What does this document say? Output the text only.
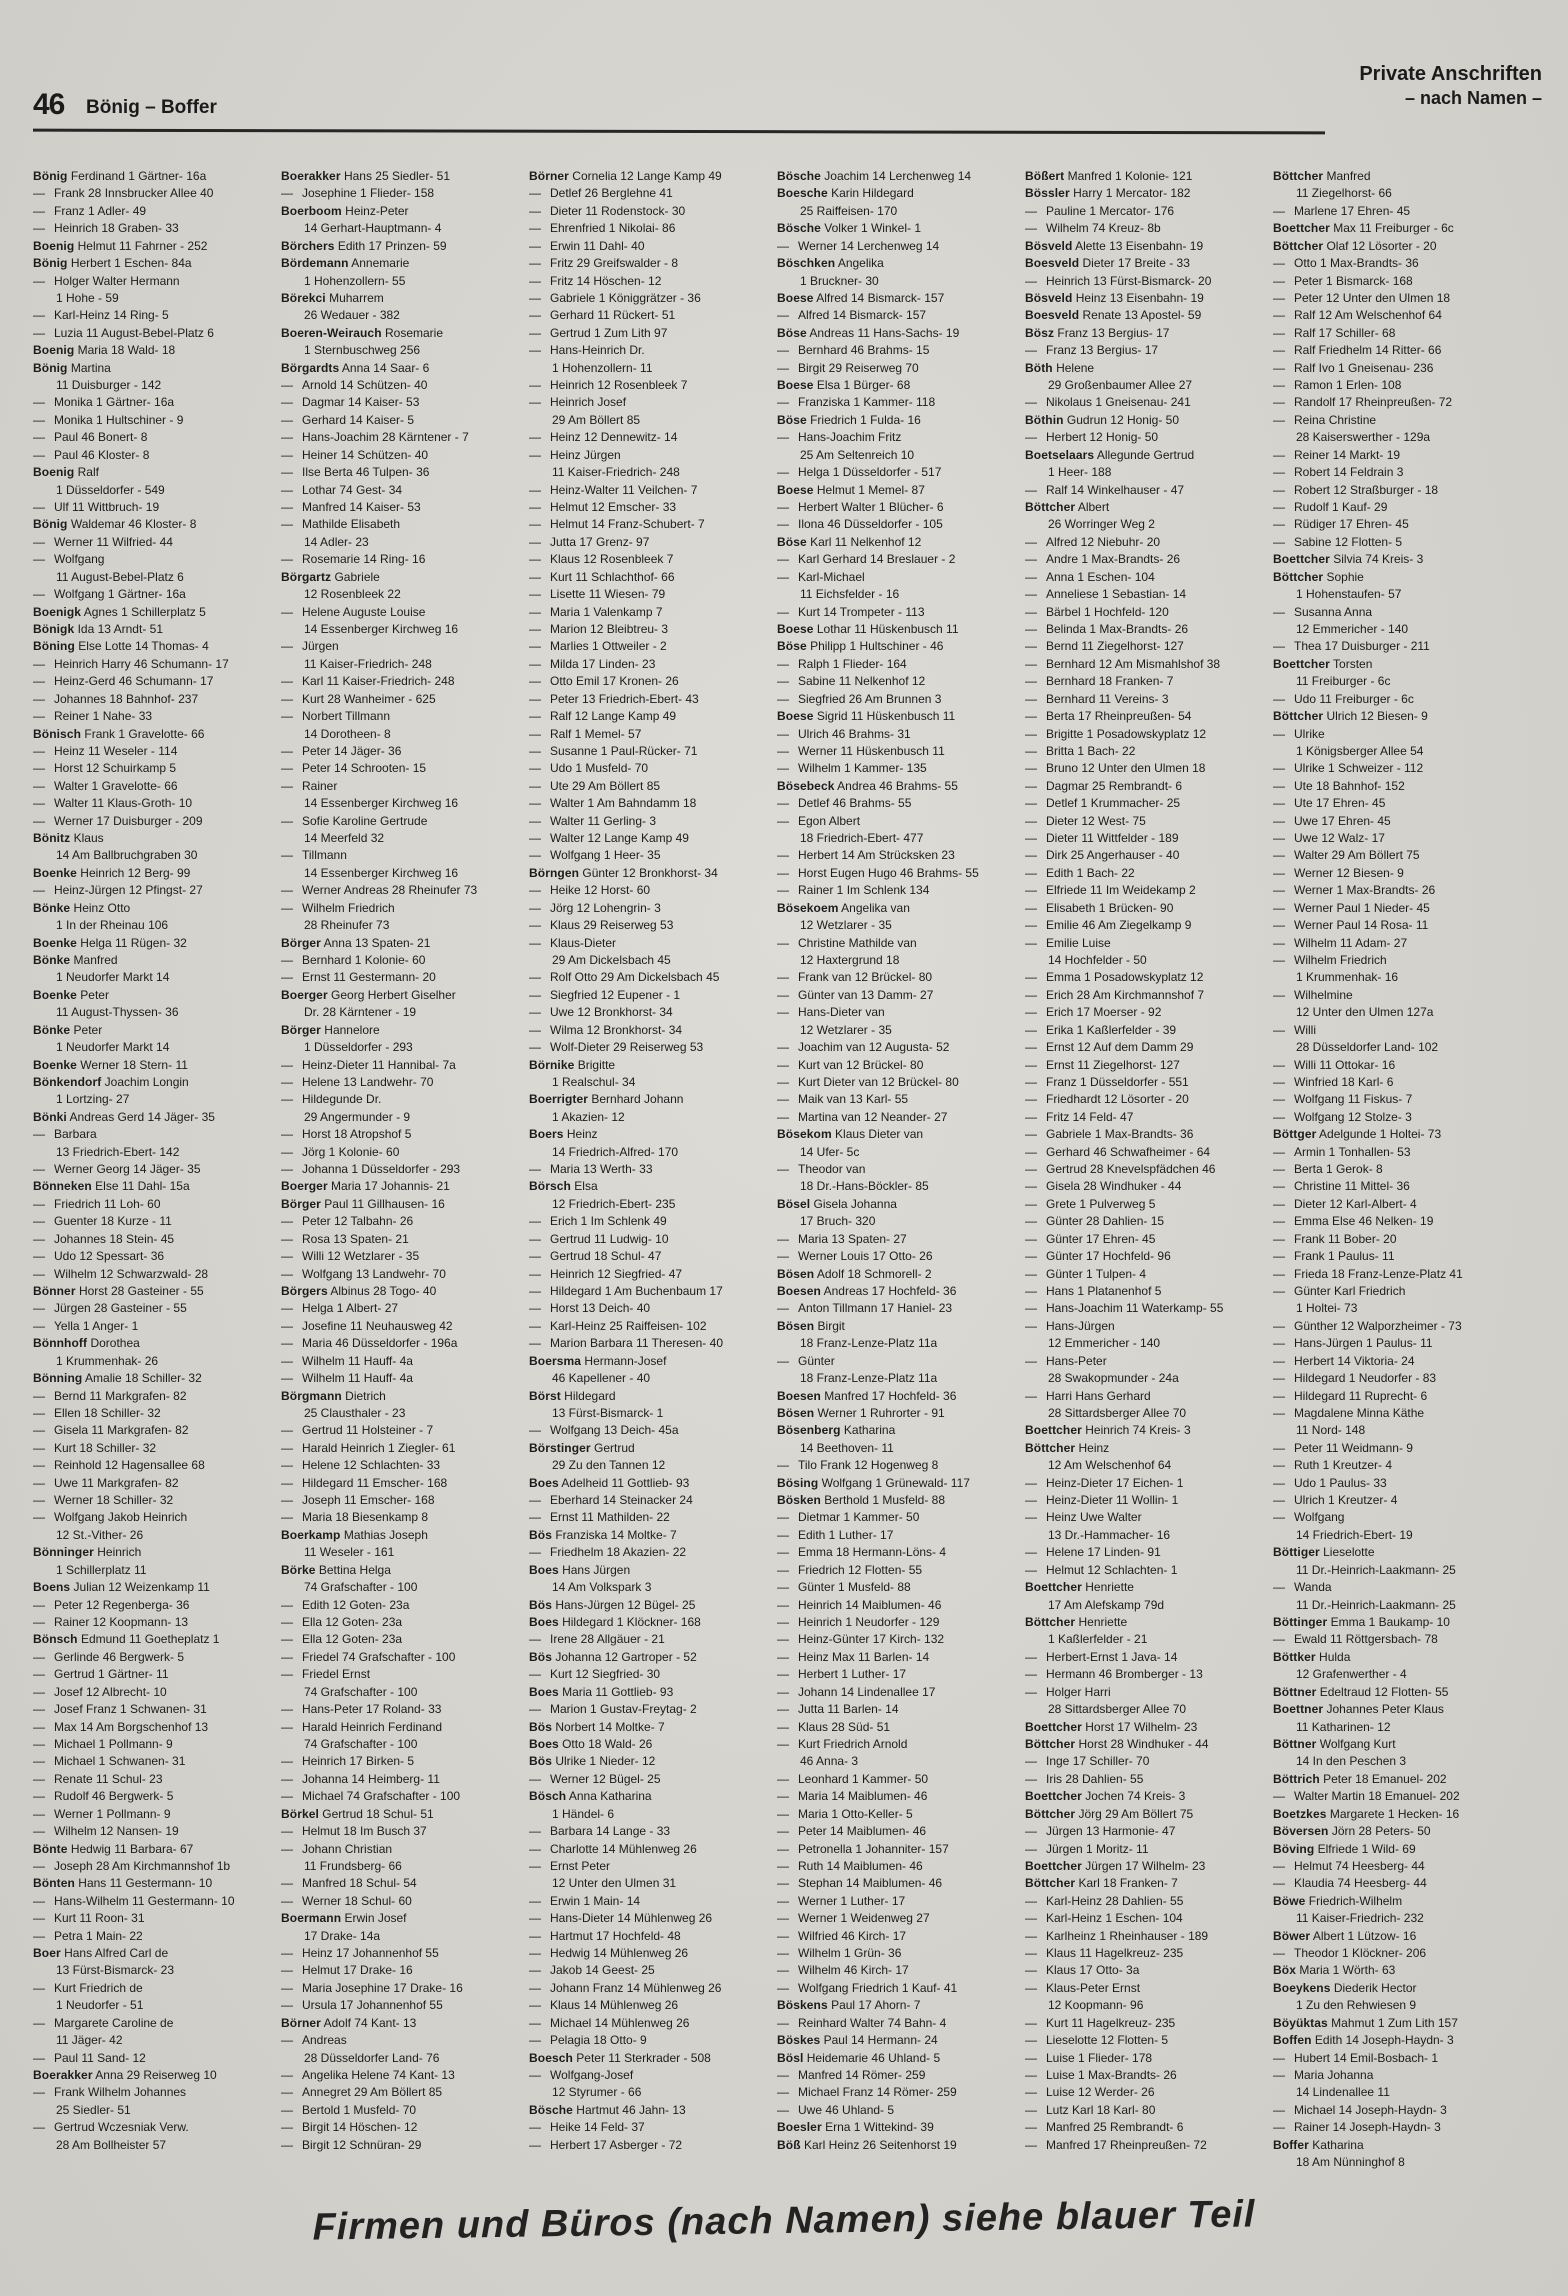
46 Bönig – Boffer
Private Anschriften
– nach Namen –
Bönig Ferdinand 1 Gärtner- 16a
— Frank 28 Innsbrucker Allee 40
— Franz 1 Adler- 49
— Heinrich 18 Graben- 33
Boenig Helmut 11 Fahrner - 252
Bönig Herbert 1 Eschen- 84a
— Holger Walter Hermann
1 Hohe - 59
— Karl-Heinz 14 Ring- 5
— Luzia 11 August-Bebel-Platz 6
Boenig Maria 18 Wald- 18
Bönig Martina
11 Duisburger - 142
— Monika 1 Gärtner- 16a
— Monika 1 Hultschiner - 9
— Paul 46 Bonert- 8
— Paul 46 Kloster- 8
Boenig Ralf
1 Düsseldorfer - 549
— Ulf 11 Wittbruch- 19
Bönig Waldemar 46 Kloster- 8
— Werner 11 Wilfried- 44
— Wolfgang
11 August-Bebel-Platz 6
— Wolfgang 1 Gärtner- 16a
Boenigk Agnes 1 Schillerplatz 5
Bönigk Ida 13 Arndt- 51
Böning Else Lotte 14 Thomas- 4
— Heinrich Harry 46 Schumann- 17
— Heinz-Gerd 46 Schumann- 17
— Johannes 18 Bahnhof- 237
— Reiner 1 Nahe- 33
Bönisch Frank 1 Gravelotte- 66
— Heinz 11 Weseler - 114
— Horst 12 Schuirkamp 5
— Walter 1 Gravelotte- 66
— Walter 11 Klaus-Groth- 10
— Werner 17 Duisburger - 209
Bönitz Klaus
14 Am Ballbruchgraben 30
Boenke Heinrich 12 Berg- 99
— Heinz-Jürgen 12 Pfingst- 27
Bönke Heinz Otto
1 In der Rheinau 106
Boenke Helga 11 Rügen- 32
Bönke Manfred
1 Neudorfer Markt 14
Boenke Peter
11 August-Thyssen- 36
Bönke Peter
1 Neudorfer Markt 14
Boenke Werner 18 Stern- 11
Bönkendorf Joachim Longin
1 Lortzing- 27
Bönki Andreas Gerd 14 Jäger- 35
— Barbara
13 Friedrich-Ebert- 142
— Werner Georg 14 Jäger- 35
Bönneken Else 11 Dahl- 15a
— Friedrich 11 Loh- 60
— Guenter 18 Kurze - 11
— Johannes 18 Stein- 45
— Udo 12 Spessart- 36
— Wilhelm 12 Schwarzwald- 28
Bönner Horst 28 Gasteiner - 55
— Jürgen 28 Gasteiner - 55
— Yella 1 Anger- 1
Bönnhoff Dorothea
1 Krummenhak- 26
Bönning Amalie 18 Schiller- 32
— Bernd 11 Markgrafen- 82
— Ellen 18 Schiller- 32
— Gisela 11 Markgrafen- 82
— Kurt 18 Schiller- 32
— Reinhold 12 Hagensallee 68
— Uwe 11 Markgrafen- 82
— Werner 18 Schiller- 32
— Wolfgang Jakob Heinrich
12 St.-Vither- 26
Bönninger Heinrich
1 Schillerplatz 11
Boens Julian 12 Weizenkamp 11
— Peter 12 Regenberga- 36
— Rainer 12 Koopmann- 13
Bönsch Edmund 11 Goetheplatz 1
— Gerlinde 46 Bergwerk- 5
— Gertrud 1 Gärtner- 11
— Josef 12 Albrecht- 10
— Josef Franz 1 Schwanen- 31
— Max 14 Am Borgschenhof 13
— Michael 1 Pollmann- 9
— Michael 1 Schwanen- 31
— Renate 11 Schul- 23
— Rudolf 46 Bergwerk- 5
— Werner 1 Pollmann- 9
— Wilhelm 12 Nansen- 19
Bönte Hedwig 11 Barbara- 67
— Joseph 28 Am Kirchmannshof 1b
Bönten Hans 11 Gestermann- 10
— Hans-Wilhelm 11 Gestermann- 10
— Kurt 11 Roon- 31
— Petra 1 Main- 22
Boer Hans Alfred Carl de
13 Fürst-Bismarck- 23
— Kurt Friedrich de
1 Neudorfer - 51
— Margarete Caroline de
11 Jäger- 42
— Paul 11 Sand- 12
Boerakker Anna 29 Reiserweg 10
— Frank Wilhelm Johannes
25 Siedler- 51
— Gertrud Wczesniak Verw.
28 Am Bollheister 57
Boerakker Hans 25 Siedler- 51
— Josephine 1 Flieder- 158
Boerboom Heinz-Peter
14 Gerhart-Hauptmann- 4
Börchers Edith 17 Prinzen- 59
Bördemann Annemarie
1 Hohenzollern- 55
Börekci Muharrem
26 Wedauer - 382
Boeren-Weirauch Rosemarie
1 Sternbuschweg 256
Börgardts Anna 14 Saar- 6
— Arnold 14 Schützen- 40
— Dagmar 14 Kaiser- 53
— Gerhard 14 Kaiser- 5
— Hans-Joachim 28 Kärntener - 7
— Heiner 14 Schützen- 40
— Ilse Berta 46 Tulpen- 36
— Lothar 74 Gest- 34
— Manfred 14 Kaiser- 53
— Mathilde Elisabeth
14 Adler- 23
— Rosemarie 14 Ring- 16
Börgartz Gabriele
12 Rosenbleek 22
— Helene Auguste Louise
14 Essenberger Kirchweg 16
— Jürgen
11 Kaiser-Friedrich- 248
— Karl 11 Kaiser-Friedrich- 248
— Kurt 28 Wanheimer - 625
— Norbert Tillmann
14 Dorotheen- 8
— Peter 14 Jäger- 36
— Peter 14 Schrooten- 15
— Rainer
14 Essenberger Kirchweg 16
— Sofie Karoline Gertrude
14 Meerfeld 32
— Tillmann
14 Essenberger Kirchweg 16
— Werner Andreas 28 Rheinufer 73
— Wilhelm Friedrich
28 Rheinufer 73
Börger Anna 13 Spaten- 21
— Bernhard 1 Kolonie- 60
— Ernst 11 Gestermann- 20
Boerger Georg Herbert Giselher
Dr. 28 Kärntener - 19
Börger Hannelore
1 Düsseldorfer - 293
— Heinz-Dieter 11 Hannibal- 7a
— Helene 13 Landwehr- 70
— Hildegunde Dr.
29 Angermunder - 9
— Horst 18 Atropshof 5
— Jörg 1 Kolonie- 60
— Johanna 1 Düsseldorfer - 293
Boerger Maria 17 Johannis- 21
Börger Paul 11 Gillhausen- 16
— Peter 12 Talbahn- 26
— Rosa 13 Spaten- 21
— Willi 12 Wetzlarer - 35
— Wolfgang 13 Landwehr- 70
Börgers Albinus 28 Togo- 40
— Helga 1 Albert- 27
— Josefine 11 Neuhausweg 42
— Maria 46 Düsseldorfer - 196a
— Wilhelm 11 Hauff- 4a
— Wilhelm 11 Hauff- 4a
Börgmann Dietrich
25 Clausthaler - 23
— Gertrud 11 Holsteiner - 7
— Harald Heinrich 1 Ziegler- 61
— Helene 12 Schlachten- 33
— Hildegard 11 Emscher- 168
— Joseph 11 Emscher- 168
— Maria 18 Biesenkamp 8
Boerkamp Mathias Joseph
11 Weseler - 161
Börke Bettina Helga
74 Grafschafter - 100
— Edith 12 Goten- 23a
— Ella 12 Goten- 23a
— Ella 12 Goten- 23a
— Friedel 74 Grafschafter - 100
— Friedel Ernst
74 Grafschafter - 100
— Hans-Peter 17 Roland- 33
— Harald Heinrich Ferdinand
74 Grafschafter - 100
— Heinrich 17 Birken- 5
— Johanna 14 Heimberg- 11
— Michael 74 Grafschafter - 100
Börkel Gertrud 18 Schul- 51
— Helmut 18 Im Busch 37
— Johann Christian
11 Frundsberg- 66
— Manfred 18 Schul- 54
— Werner 18 Schul- 60
Boermann Erwin Josef
17 Drake- 14a
— Heinz 17 Johannenhof 55
— Helmut 17 Drake- 16
— Maria Josephine 17 Drake- 16
— Ursula 17 Johannenhof 55
Börner Adolf 74 Kant- 13
— Andreas
28 Düsseldorfer Land- 76
— Angelika Helene 74 Kant- 13
— Annegret 29 Am Böllert 85
— Bertold 1 Musfeld- 70
— Birgit 14 Höschen- 12
— Birgit 12 Schnüran- 29
Börner Cornelia 12 Lange Kamp 49
— Detlef 26 Berglehne 41
— Dieter 11 Rodenstock- 30
— Ehrenfried 1 Nikolai- 86
— Erwin 11 Dahl- 40
— Fritz 29 Greifswalder - 8
— Fritz 14 Höschen- 12
— Gabriele 1 Königgrätzer - 36
— Gerhard 11 Rückert- 51
— Gertrud 1 Zum Lith 97
— Hans-Heinrich Dr.
1 Hohenzollern- 11
— Heinrich 12 Rosenbleek 7
— Heinrich Josef
29 Am Böllert 85
— Heinz 12 Dennewitz- 14
— Heinz Jürgen
11 Kaiser-Friedrich- 248
— Heinz-Walter 11 Veilchen- 7
— Helmut 12 Emscher- 33
— Helmut 14 Franz-Schubert- 7
— Jutta 17 Grenz- 97
— Klaus 12 Rosenbleek 7
— Kurt 11 Schlachthof- 66
— Lisette 11 Wiesen- 79
— Maria 1 Valenkamp 7
— Marion 12 Bleibtreu- 3
— Marlies 1 Ottweiler - 2
— Milda 17 Linden- 23
— Otto Emil 17 Kronen- 26
— Peter 13 Friedrich-Ebert- 43
— Ralf 12 Lange Kamp 49
— Ralf 1 Memel- 57
— Susanne 1 Paul-Rücker- 71
— Udo 1 Musfeld- 70
— Ute 29 Am Böllert 85
— Walter 1 Am Bahndamm 18
— Walter 11 Gerling- 3
— Walter 12 Lange Kamp 49
— Wolfgang 1 Heer- 35
Börngen Günter 12 Bronkhorst- 34
— Heike 12 Horst- 60
— Jörg 12 Lohengrin- 3
— Klaus 29 Reiserweg 53
— Klaus-Dieter
29 Am Dickelsbach 45
— Rolf Otto 29 Am Dickelsbach 45
— Siegfried 12 Eupener - 1
— Uwe 12 Bronkhorst- 34
— Wilma 12 Bronkhorst- 34
— Wolf-Dieter 29 Reiserweg 53
Börnike Brigitte
1 Realschul- 34
Boerrigter Bernhard Johann
1 Akazien- 12
Boers Heinz
14 Friedrich-Alfred- 170
— Maria 13 Werth- 33
Börsch Elsa
12 Friedrich-Ebert- 235
— Erich 1 Im Schlenk 49
— Gertrud 11 Ludwig- 10
— Gertrud 18 Schul- 47
— Heinrich 12 Siegfried- 47
— Hildegard 1 Am Buchenbaum 17
— Horst 13 Deich- 40
— Karl-Heinz 25 Raiffeisen- 102
— Marion Barbara 11 Theresen- 40
Boersma Hermann-Josef
46 Kapellener - 40
Börst Hildegard
13 Fürst-Bismarck- 1
— Wolfgang 13 Deich- 45a
Börstinger Gertrud
29 Zu den Tannen 12
Boes Adelheid 11 Gottlieb- 93
— Eberhard 14 Steinacker 24
— Ernst 11 Mathilden- 22
Bös Franziska 14 Moltke- 7
— Friedhelm 18 Akazien- 22
Boes Hans Jürgen
14 Am Volkspark 3
Bös Hans-Jürgen 12 Bügel- 25
Boes Hildegard 1 Klöckner- 168
— Irene 28 Allgäuer - 21
Bös Johanna 12 Gartroper - 52
— Kurt 12 Siegfried- 30
Boes Maria 11 Gottlieb- 93
— Marion 1 Gustav-Freytag- 2
Bös Norbert 14 Moltke- 7
Boes Otto 18 Wald- 26
Bös Ulrike 1 Nieder- 12
— Werner 12 Bügel- 25
Bösch Anna Katharina
1 Händel- 6
— Barbara 14 Lange - 33
— Charlotte 14 Mühlenweg 26
— Ernst Peter
12 Unter den Ulmen 31
— Erwin 1 Main- 14
— Hans-Dieter 14 Mühlenweg 26
— Hartmut 17 Hochfeld- 48
— Hedwig 14 Mühlenweg 26
— Jakob 14 Geest- 25
— Johann Franz 14 Mühlenweg 26
— Klaus 14 Mühlenweg 26
— Michael 14 Mühlenweg 26
— Pelagia 18 Otto- 9
Boesch Peter 11 Sterkrader - 508
— Wolfgang-Josef
12 Styrumer - 66
Bösche Hartmut 46 Jahn- 13
— Heike 14 Feld- 37
— Herbert 17 Asberger - 72
Bösche Joachim 14 Lerchenweg 14
Boesche Karin Hildegard
25 Raiffeisen- 170
Bösche Volker 1 Winkel- 1
— Werner 14 Lerchenweg 14
Böschken Angelika
1 Bruckner- 30
Boese Alfred 14 Bismarck- 157
— Alfred 14 Bismarck- 157
Böse Andreas 11 Hans-Sachs- 19
— Bernhard 46 Brahms- 15
— Birgit 29 Reiserweg 70
Boese Elsa 1 Bürger- 68
— Franziska 1 Kammer- 118
Böse Friedrich 1 Fulda- 16
— Hans-Joachim Fritz
25 Am Seltenreich 10
— Helga 1 Düsseldorfer - 517
Boese Helmut 1 Memel- 87
— Herbert Walter 1 Blücher- 6
— Ilona 46 Düsseldorfer - 105
Böse Karl 11 Nelkenhof 12
— Karl Gerhard 14 Breslauer - 2
— Karl-Michael
11 Eichsfelder - 16
— Kurt 14 Trompeter - 113
Boese Lothar 11 Hüskenbusch 11
Böse Philipp 1 Hultschiner - 46
— Ralph 1 Flieder- 164
— Sabine 11 Nelkenhof 12
— Siegfried 26 Am Brunnen 3
Boese Sigrid 11 Hüskenbusch 11
— Ulrich 46 Brahms- 31
— Werner 11 Hüskenbusch 11
— Wilhelm 1 Kammer- 135
Bösebeck Andrea 46 Brahms- 55
— Detlef 46 Brahms- 55
— Egon Albert
18 Friedrich-Ebert- 477
— Herbert 14 Am Strücksken 23
— Horst Eugen Hugo 46 Brahms- 55
— Rainer 1 Im Schlenk 134
Bösekoem Angelika van
12 Wetzlarer - 35
— Christine Mathilde van
12 Haxtergrund 18
— Frank van 12 Brückel- 80
— Günter van 13 Damm- 27
— Hans-Dieter van
12 Wetzlarer - 35
— Joachim van 12 Augusta- 52
— Kurt van 12 Brückel- 80
— Kurt Dieter van 12 Brückel- 80
— Maik van 13 Karl- 55
— Martina van 12 Neander- 27
Bösekom Klaus Dieter van
14 Ufer- 5c
— Theodor van
18 Dr.-Hans-Böckler- 85
Bösel Gisela Johanna
17 Bruch- 320
— Maria 13 Spaten- 27
— Werner Louis 17 Otto- 26
Bösen Adolf 18 Schmorell- 2
Boesen Andreas 17 Hochfeld- 36
— Anton Tillmann 17 Haniel- 23
Bösen Birgit
18 Franz-Lenze-Platz 11a
— Günter
18 Franz-Lenze-Platz 11a
Boesen Manfred 17 Hochfeld- 36
Bösen Werner 1 Ruhrorter - 91
Bösenberg Katharina
14 Beethoven- 11
— Tilo Frank 12 Hogenweg 8
Bösing Wolfgang 1 Grünewald- 117
Bösken Berthold 1 Musfeld- 88
— Dietmar 1 Kammer- 50
— Edith 1 Luther- 17
— Emma 18 Hermann-Löns- 4
— Friedrich 12 Flotten- 55
— Günter 1 Musfeld- 88
— Heinrich 14 Maiblumen- 46
— Heinrich 1 Neudorfer - 129
— Heinz-Günter 17 Kirch- 132
— Heinz Max 11 Barlen- 14
— Herbert 1 Luther- 17
— Johann 14 Lindenallee 17
— Jutta 11 Barlen- 14
— Klaus 28 Süd- 51
— Kurt Friedrich Arnold
46 Anna- 3
— Leonhard 1 Kammer- 50
— Maria 14 Maiblumen- 46
— Maria 1 Otto-Keller- 5
— Peter 14 Maiblumen- 46
— Petronella 1 Johanniter- 157
— Ruth 14 Maiblumen- 46
— Stephan 14 Maiblumen- 46
— Werner 1 Luther- 17
— Werner 1 Weidenweg 27
— Wilfried 46 Kirch- 17
— Wilhelm 1 Grün- 36
— Wilhelm 46 Kirch- 17
— Wolfgang Friedrich 1 Kauf- 41
Böskens Paul 17 Ahorn- 7
— Reinhard Walter 74 Bahn- 4
Böskes Paul 14 Hermann- 24
Bösl Heidemarie 46 Uhland- 5
— Manfred 14 Römer- 259
— Michael Franz 14 Römer- 259
— Uwe 46 Uhland- 5
Boesler Erna 1 Wittekind- 39
Böß Karl Heinz 26 Seitenhorst 19
Bößert Manfred 1 Kolonie- 121
Bössler Harry 1 Mercator- 182
— Pauline 1 Mercator- 176
— Wilhelm 74 Kreuz- 8b
Bösveld Alette 13 Eisenbahn- 19
Boesveld Dieter 17 Breite - 33
— Heinrich 13 Fürst-Bismarck- 20
Bösveld Heinz 13 Eisenbahn- 19
Boesveld Renate 13 Apostel- 59
Bösz Franz 13 Bergius- 17
— Franz 13 Bergius- 17
Böth Helene
29 Großenbaumer Allee 27
— Nikolaus 1 Gneisenau- 241
Böthin Gudrun 12 Honig- 50
— Herbert 12 Honig- 50
Boetselaars Allegunde Gertrud
1 Heer- 188
— Ralf 14 Winkelhauser - 47
Böttcher Albert
26 Worringer Weg 2
— Alfred 12 Niebuhr- 20
— Andre 1 Max-Brandts- 26
— Anna 1 Eschen- 104
— Anneliese 1 Sebastian- 14
— Bärbel 1 Hochfeld- 120
— Belinda 1 Max-Brandts- 26
— Bernd 11 Ziegelhorst- 127
— Bernhard 12 Am Mismahlshof 38
— Bernhard 18 Franken- 7
— Bernhard 11 Vereins- 3
— Berta 17 Rheinpreußen- 54
— Brigitte 1 Posadowskyplatz 12
— Britta 1 Bach- 22
— Bruno 12 Unter den Ulmen 18
— Dagmar 25 Rembrandt- 6
— Detlef 1 Krummacher- 25
— Dieter 12 West- 75
— Dieter 11 Wittfelder - 189
— Dirk 25 Angerhauser - 40
— Edith 1 Bach- 22
— Elfriede 11 Im Weidekamp 2
— Elisabeth 1 Brücken- 90
— Emilie 46 Am Ziegelkamp 9
— Emilie Luise
14 Hochfelder - 50
— Emma 1 Posadowskyplatz 12
— Erich 28 Am Kirchmannshof 7
— Erich 17 Moerser - 92
— Erika 1 Kaßlerfelder - 39
— Ernst 12 Auf dem Damm 29
— Ernst 11 Ziegelhorst- 127
— Franz 1 Düsseldorfer - 551
— Friedhardt 12 Lösorter - 20
— Fritz 14 Feld- 47
— Gabriele 1 Max-Brandts- 36
— Gerhard 46 Schwafheimer - 64
— Gertrud 28 Knevelspfädchen 46
— Gisela 28 Windhuker - 44
— Grete 1 Pulverweg 5
— Günter 28 Dahlien- 15
— Günter 17 Ehren- 45
— Günter 17 Hochfeld- 96
— Günter 1 Tulpen- 4
— Hans 1 Platanenhof 5
— Hans-Joachim 11 Waterkamp- 55
— Hans-Jürgen
12 Emmericher - 140
— Hans-Peter
28 Swakopmunder - 24a
— Harri Hans Gerhard
28 Sittardsberger Allee 70
Boettcher Heinrich 74 Kreis- 3
Böttcher Heinz
12 Am Welschenhof 64
— Heinz-Dieter 17 Eichen- 1
— Heinz-Dieter 11 Wollin- 1
— Heinz Uwe Walter
13 Dr.-Hammacher- 16
— Helene 17 Linden- 91
— Helmut 12 Schlachten- 1
Boettcher Henriette
17 Am Alefskamp 79d
Böttcher Henriette
1 Kaßlerfelder - 21
— Herbert-Ernst 1 Java- 14
— Hermann 46 Bromberger - 13
— Holger Harri
28 Sittardsberger Allee 70
Boettcher Horst 17 Wilhelm- 23
Böttcher Horst 28 Windhuker - 44
— Inge 17 Schiller- 70
— Iris 28 Dahlien- 55
Boettcher Jochen 74 Kreis- 3
Böttcher Jörg 29 Am Böllert 75
— Jürgen 13 Harmonie- 47
— Jürgen 1 Moritz- 11
Boettcher Jürgen 17 Wilhelm- 23
Böttcher Karl 18 Franken- 7
— Karl-Heinz 28 Dahlien- 55
— Karl-Heinz 1 Eschen- 104
— Karlheinz 1 Rheinhauser - 189
— Klaus 11 Hagelkreuz- 235
— Klaus 17 Otto- 3a
— Klaus-Peter Ernst
12 Koopmann- 96
— Kurt 11 Hagelkreuz- 235
— Lieselotte 12 Flotten- 5
— Luise 1 Flieder- 178
— Luise 1 Max-Brandts- 26
— Luise 12 Werder- 26
— Lutz Karl 18 Karl- 80
— Manfred 25 Rembrandt- 6
— Manfred 17 Rheinpreußen- 72
Böttcher Manfred
11 Ziegelhorst- 66
— Marlene 17 Ehren- 45
Boettcher Max 11 Freiburger - 6c
Böttcher Olaf 12 Lösorter - 20
— Otto 1 Max-Brandts- 36
— Peter 1 Bismarck- 168
— Peter 12 Unter den Ulmen 18
— Ralf 12 Am Welschenhof 64
— Ralf 17 Schiller- 68
— Ralf Friedhelm 14 Ritter- 66
— Ralf Ivo 1 Gneisenau- 236
— Ramon 1 Erlen- 108
— Randolf 17 Rheinpreußen- 72
— Reina Christine
28 Kaiserswerther - 129a
— Reiner 14 Markt- 19
— Robert 14 Feldrain 3
— Robert 12 Straßburger - 18
— Rudolf 1 Kauf- 29
— Rüdiger 17 Ehren- 45
— Sabine 12 Flotten- 5
Boettcher Silvia 74 Kreis- 3
Böttcher Sophie
1 Hohenstaufen- 57
— Susanna Anna
12 Emmericher - 140
— Thea 17 Duisburger - 211
Boettcher Torsten
11 Freiburger - 6c
— Udo 11 Freiburger - 6c
Böttcher Ulrich 12 Biesen- 9
— Ulrike
1 Königsberger Allee 54
— Ulrike 1 Schweizer - 112
— Ute 18 Bahnhof- 152
— Ute 17 Ehren- 45
— Uwe 17 Ehren- 45
— Uwe 12 Walz- 17
— Walter 29 Am Böllert 75
— Werner 12 Biesen- 9
— Werner 1 Max-Brandts- 26
— Werner Paul 1 Nieder- 45
— Werner Paul 14 Rosa- 11
— Wilhelm 11 Adam- 27
— Wilhelm Friedrich
1 Krummenhak- 16
— Wilhelmine
12 Unter den Ulmen 127a
— Willi
28 Düsseldorfer Land- 102
— Willi 11 Ottokar- 16
— Winfried 18 Karl- 6
— Wolfgang 11 Fiskus- 7
— Wolfgang 12 Stolze- 3
Böttger Adelgunde 1 Holtei- 73
— Armin 1 Tonhallen- 53
— Berta 1 Gerok- 8
— Christine 11 Mittel- 36
— Dieter 12 Karl-Albert- 4
— Emma Else 46 Nelken- 19
— Frank 11 Bober- 20
— Frank 1 Paulus- 11
— Frieda 18 Franz-Lenze-Platz 41
— Günter Karl Friedrich
1 Holtei- 73
— Günther 12 Walporzheimer - 73
— Hans-Jürgen 1 Paulus- 11
— Herbert 14 Viktoria- 24
— Hildegard 1 Neudorfer - 83
— Hildegard 11 Ruprecht- 6
— Magdalene Minna Käthe
11 Nord- 148
— Peter 11 Weidmann- 9
— Ruth 1 Kreutzer- 4
— Udo 1 Paulus- 33
— Ulrich 1 Kreutzer- 4
— Wolfgang
14 Friedrich-Ebert- 19
Böttiger Lieselotte
11 Dr.-Heinrich-Laakmann- 25
— Wanda
11 Dr.-Heinrich-Laakmann- 25
Böttinger Emma 1 Baukamp- 10
— Ewald 11 Röttgersbach- 78
Böttker Hulda
12 Grafenwerther - 4
Böttner Edeltraud 12 Flotten- 55
Boettner Johannes Peter Klaus
11 Katharinen- 12
Böttner Wolfgang Kurt
14 In den Peschen 3
Böttrich Peter 18 Emanuel- 202
— Walter Martin 18 Emanuel- 202
Boetzkes Margarete 1 Hecken- 16
Böversen Jörn 28 Peters- 50
Böving Elfriede 1 Wild- 69
— Helmut 74 Heesberg- 44
— Klaudia 74 Heesberg- 44
Böwe Friedrich-Wilhelm
11 Kaiser-Friedrich- 232
Böwer Albert 1 Lützow- 16
— Theodor 1 Klöckner- 206
Böx Maria 1 Wörth- 63
Boeykens Diederik Hector
1 Zu den Rehwiesen 9
Böyüktas Mahmut 1 Zum Lith 157
Boffen Edith 14 Joseph-Haydn- 3
— Hubert 14 Emil-Bosbach- 1
— Maria Johanna
14 Lindenallee 11
— Michael 14 Joseph-Haydn- 3
— Rainer 14 Joseph-Haydn- 3
Boffer Katharina
18 Am Nünninghof 8
Firmen und Büros (nach Namen) siehe blauer Teil
